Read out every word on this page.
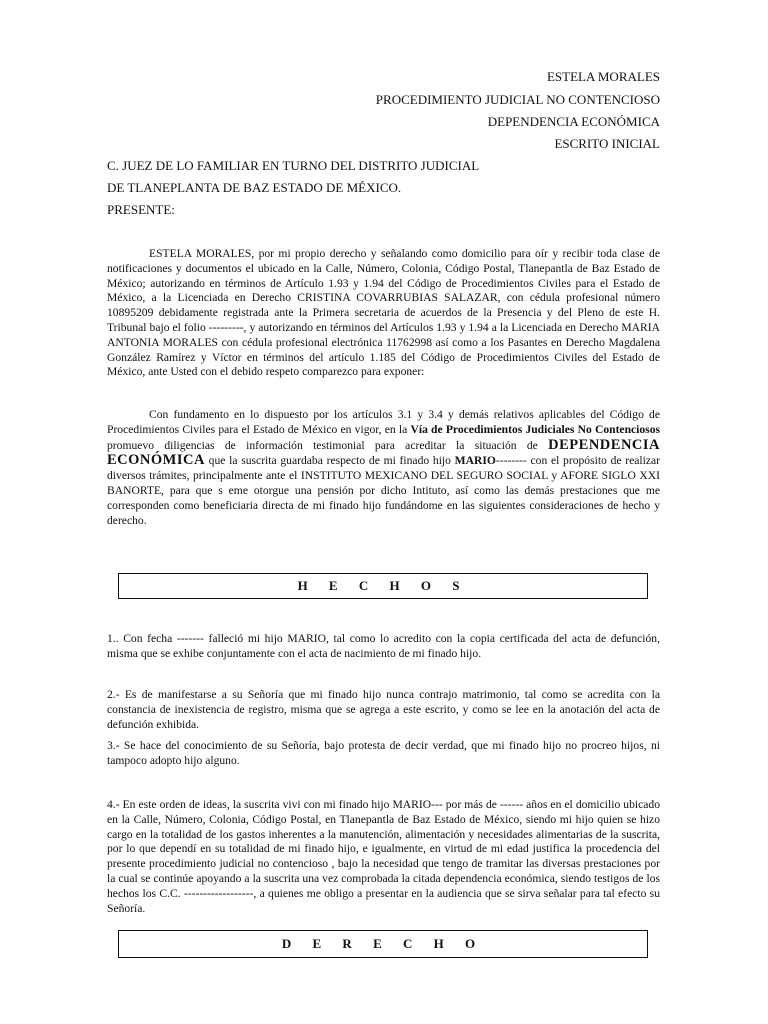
ESTELA MORALES
PROCEDIMIENTO JUDICIAL NO CONTENCIOSO
DEPENDENCIA ECONÓMICA
ESCRITO INICIAL
C. JUEZ DE LO FAMILIAR EN TURNO DEL DISTRITO JUDICIAL
DE TLANEPLANTA DE BAZ ESTADO DE MÉXICO.
PRESENTE:
ESTELA MORALES, por mi propio derecho y señalando como domicilio para oír y recibir toda clase de notificaciones y documentos el ubicado en la Calle, Número, Colonia, Código Postal, Tlanepantla de Baz Estado de México; autorizando en términos de Artículo 1.93 y 1.94 del Código de Procedimientos Civiles para el Estado de México, a la Licenciada en Derecho CRISTINA COVARRUBIAS SALAZAR, con cédula profesional número 10895209 debidamente registrada ante la Primera secretaria de acuerdos de la Presencia y del Pleno de este H. Tribunal bajo el folio ---------, y autorizando en términos del Artículos 1.93 y 1.94 a la Licenciada en Derecho MARIA ANTONIA MORALES con cédula profesional electrónica 11762998 así como a los Pasantes en Derecho Magdalena González Ramírez y Víctor en términos del artículo 1.185 del Código de Procedimientos Civiles del Estado de México, ante Usted con el debido respeto comparezco para exponer:
Con fundamento en lo dispuesto por los artículos 3.1 y 3.4 y demás relativos aplicables del Código de Procedimientos Civiles para el Estado de México en vigor, en la Vía de Procedimientos Judiciales No Contenciosos promuevo diligencias de información testimonial para acreditar la situación de DEPENDENCIA ECONÓMICA que la suscrita guardaba respecto de mi finado hijo MARIO-------- con el propósito de realizar diversos trámites, principalmente ante el INSTITUTO MEXICANO DEL SEGURO SOCIAL y AFORE SIGLO XXI BANORTE, para que s eme otorgue una pensión por dicho Intituto, así como las demás prestaciones que me corresponden como beneficiaria directa de mi finado hijo fundándome en las siguientes consideraciones de hecho y derecho.
H E C H O S
1.. Con fecha ------- falleció mi hijo MARIO, tal como lo acredito con la copia certificada del acta de defunción, misma que se exhibe conjuntamente con el acta de nacimiento de mi finado hijo.
2.- Es de manifestarse a su Señoría que mi finado hijo nunca contrajo matrimonio, tal como se acredita con la constancia de inexistencia de registro, misma que se agrega a este escrito, y como se lee en la anotación del acta de defunción exhibida.
3.- Se hace del conocimiento de su Señoría, bajo protesta de decir verdad, que mi finado hijo no procreo hijos, ni tampoco adopto hijo alguno.
4.- En este orden de ideas, la suscrita vivi con mi finado hijo MARIO--- por más de ------ años en el domicilio ubicado en la Calle, Número, Colonia, Código Postal, en Tlanepantla de Baz Estado de México, siendo mi hijo quien se hizo cargo en la totalidad de los gastos inherentes a la manutención, alimentación y necesidades alimentarias de la suscrita, por lo que dependí en su totalidad de mi finado hijo, e igualmente, en virtud de mi edad justifica la procedencia del presente procedimiento judicial no contencioso , bajo la necesidad que tengo de tramitar las diversas prestaciones por la cual se continúe apoyando a la suscrita una vez comprobada la citada dependencia económica, siendo testigos de los hechos los C.C. ------------------, a quienes me obligo a presentar en la audiencia que se sirva señalar para tal efecto su Señoría.
D E R E C H O
